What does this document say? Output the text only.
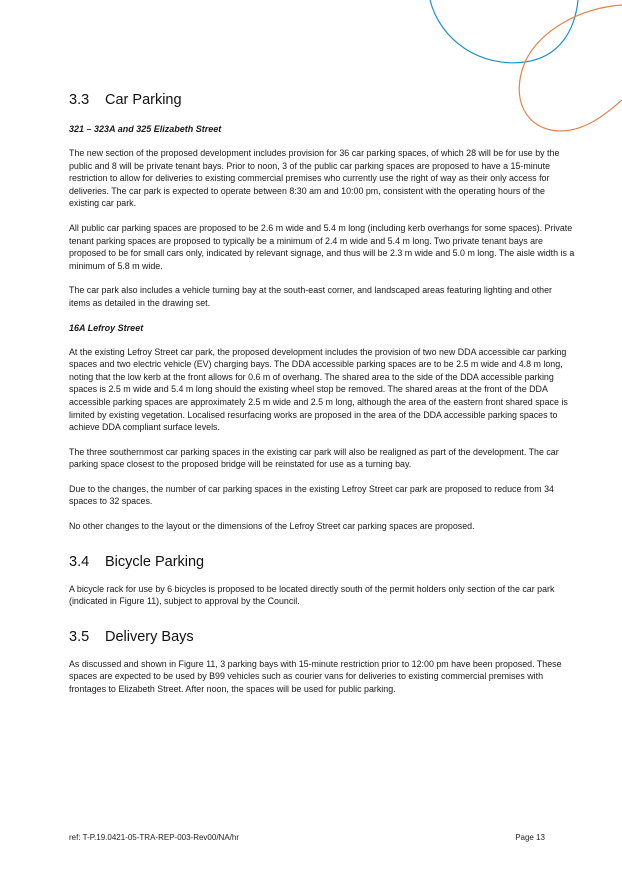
3.3	Car Parking
321 – 323A and 325 Elizabeth Street

The new section of the proposed development includes provision for 36 car parking spaces, of which 28 will be for use by the public and 8 will be private tenant bays. Prior to noon, 3 of the public car parking spaces are proposed to have a 15-minute restriction to allow for deliveries to existing commercial premises who currently use the right of way as their only access for deliveries. The car park is expected to operate between 8:30 am and 10:00 pm, consistent with the operating hours of the existing car park.

All public car parking spaces are proposed to be 2.6 m wide and 5.4 m long (including kerb overhangs for some spaces). Private tenant parking spaces are proposed to typically be a minimum of 2.4 m wide and 5.4 m long. Two private tenant bays are proposed to be for small cars only, indicated by relevant signage, and thus will be 2.3 m wide and 5.0 m long. The aisle width is a minimum of 5.8 m wide.

The car park also includes a vehicle turning bay at the south-east corner, and landscaped areas featuring lighting and other items as detailed in the drawing set.

16A Lefroy Street

At the existing Lefroy Street car park, the proposed development includes the provision of two new DDA accessible car parking spaces and two electric vehicle (EV) charging bays. The DDA accessible parking spaces are to be 2.5 m wide and 4.8 m long, noting that the low kerb at the front allows for 0.6 m of overhang. The shared area to the side of the DDA accessible parking spaces is 2.5 m wide and 5.4 m long should the existing wheel stop be removed. The shared areas at the front of the DDA accessible parking spaces are approximately 2.5 m wide and 2.5 m long, although the area of the eastern front shared space is limited by existing vegetation. Localised resurfacing works are proposed in the area of the DDA accessible parking spaces to achieve DDA compliant surface levels.

The three southernmost car parking spaces in the existing car park will also be realigned as part of the development. The car parking space closest to the proposed bridge will be reinstated for use as a turning bay.

Due to the changes, the number of car parking spaces in the existing Lefroy Street car park are proposed to reduce from 34 spaces to 32 spaces.

No other changes to the layout or the dimensions of the Lefroy Street car parking spaces are proposed.

3.4	Bicycle Parking

A bicycle rack for use by 6 bicycles is proposed to be located directly south of the permit holders only section of the car park (indicated in Figure 11), subject to approval by the Council.

3.5	Delivery Bays

As discussed and shown in Figure 11, 3 parking bays with 15-minute restriction prior to 12:00 pm have been proposed. These spaces are expected to be used by B99 vehicles such as courier vans for deliveries to existing commercial premises with frontages to Elizabeth Street. After noon, the spaces will be used for public parking.

ref: T-P.19.0421-05-TRA-REP-003-Rev00/NA/hr	Page 13
